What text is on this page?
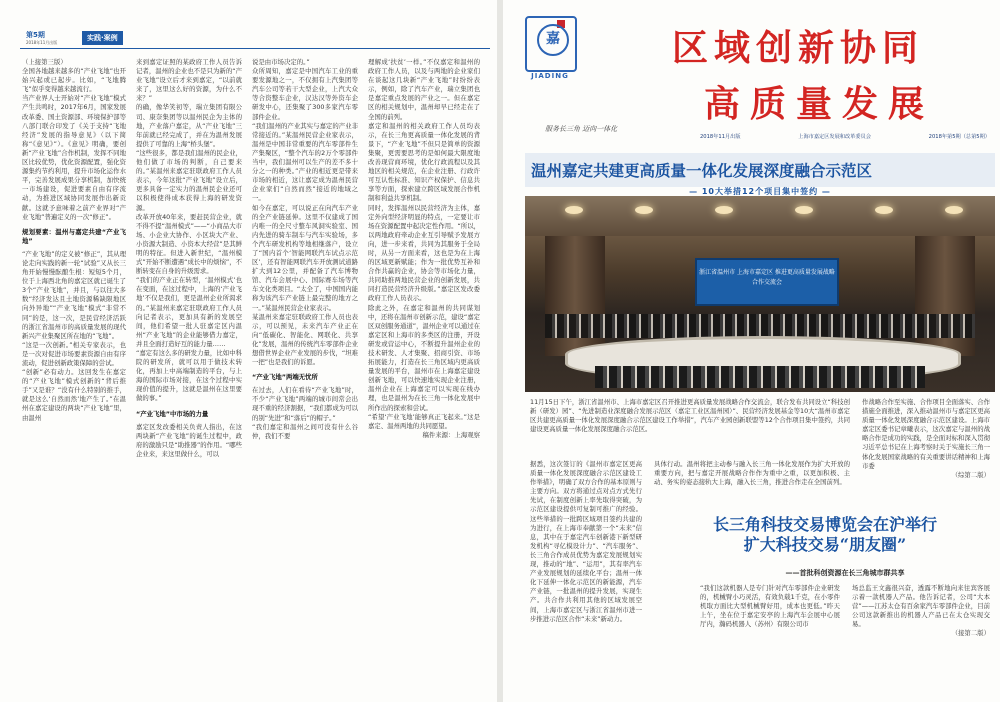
第5期
2018年11月出版
实践·案例

（上接第三版）

全国各地越来越多的“产业飞地”也开始兴起或已起步。比如，“飞地腾飞”似乎变得越来越流行。

当产业界人士开始对“产业飞地”模式产生共鸣时，2017年6月，国家发展改革委、国土资源部、环境保护部等八部门联合印发了《关于支持“飞地经济”发展的指导意见》（以下简称“《意见》”）。《意见》明确，要创新“产业飞地”合作机制，发挥不同地区比较优势，优化资源配置，强化资源集约节约利用，提升市场化运作水平，完善发展成果分享机制，加快统一市场建设，促进要素自由有序流动，为推进区域协同发展作出新贡献。这就予意味着之前产业界对“产业飞地”普遍定义的一次“修正”。

规划要素：温州与嘉定共建“产业飞地”

“产业飞地”的定义被“修正”，其从理论走向实践的新一轮“试验”又从长三角开始慢慢酝酿生根：短短5个月，位于上海西北角的嘉定区就已诞生了3个“产业飞地”，并且，与以往大多数“经济发达且土地资源稀缺限地区向外异地”“产业飞地”模式“非常不同”的是，这一次，是民营经济活跃的浙江省温州市的高质量发展的现代新兴产业集聚区所在地的“飞地”。

“这是一次创新。”相关专家表示，也是一次对促进市场要素资源自由有序流动，促进创新政策保障的尝试。

“创新”必有动力。这回发生在嘉定的“产业飞地”模式创新的“背后推手”又是谁？“没有什么特别的推手，就是这么‘自然而然’地产生了。”在温州在嘉定建设的两块“产业飞地”里，由温州

来到嘉定证照的某政府工作人员告诉记者，温州的企业也不是只为新的“产业飞地”设立后才来到嘉定，“以前就来了，这里这么好的资源，为什么不来？”

的确，像华笑初等，瑞立集团有限公司、康奈集团等以温州民企为主体的地，产业落户嘉定，从“产业飞地”三年前就已经完成了，并在为温州发展提供了可靠的上海“桥头堡”。

“这些很多，都是我们温州的民企业，他们做了市场的判断，自己要来的。”某温州来嘉定驻联政府工作人员表示，今年这批“产业飞地”设立后，更多具备一定实力的温州民企业还可以积极使得成本获得上海的研发资源。

改革开放40年来，要赶民营企业，就不得不提“温州模式”——“小商品大市场、小企业大协作、小区块大产业、小资源大制造、小资本大经营”是其鲜明的特征。但进入新世纪，“温州模式”开始不断遭遇“成长中的烦恼”，不断转变在自身的升级需求。

“我们的产业正在转型，‘温州模式’也在变面，在这过程中，上海的‘产业飞地’不仅是我们，更是温州企业所渴求的。”某温州来嘉定驻联政府工作人员向记者表示，更加具有新的发展空间，他们希望一批人驻嘉定区内温州“产业飞地”的企业能够借力嘉定，并且全面打造好互的能力量……

“嘉定有这么多的研发力量，比如中科院的研发所，就可以用于做技术转化，再加上中高端制造的平台，与上海的国际市场对接，在这个过程中实现价值的提升，这就是温州在这里要做的事。”

“产业飞地”中市场的力量

嘉定区发改委相关负责人指出，在这两块新“产业飞地”的诞生过程中，政府的激励只是“助推器”的作用。“哪些企业来，来这里做什么，可以

说是由市场决定的。”

众所周知，嘉定是中国汽车工业的重要发源地之一，不仅拥有上汽集团等汽车公司等若干大型企业，上汽大众等合资整车企业，汉达汉等外资车企研发中心，还集聚了300多家汽车零部件企业。

“我们温州的产业其实与嘉定的产业非常接近的。”某温州民营企业家表示，温州是中国非常重要的汽车零部件生产集聚区，“整个汽车的2万个零部件当中，我们温州可以生产的差不多十分之一的种类。”产业的相近更是带来市场的相近，这让嘉定成为温州民营企业家们“自然而然”接近的地域之一。

如今在嘉定，可以说正在向汽车产业的全产业链延伸。这里不仅建成了国内唯一的全尺寸整车风洞实验室、国内先进的骑车制车与汽车实验场，多个汽车研发机构等地相继落户，设立了“国内首个‘智能网联汽车试点示范区’，还有智能网联汽车开放测试道路扩大到12公里，并配备了汽车博物馆、汽车会展中心、国际赛车场等汽车文化类项目。“太全了，中国国内能称为该汽车产业链上最完整的地方之一。”某温州民营企业家表示。

某温州来嘉定驻联政府工作人员也表示，可以预见，未来汽车产业正在向“低碳化、智能化、网联化、共享化”发展，温州的传统汽车零部件企业想借世界企业产业发展的步伐，“坦难一把”也是我们的诉愿。

“产业飞地”两端无忧所

在过去，人们在看待“产业飞地”时，不少“产业飞地”两端的城市间常会出现不重的经济割据，“我们都成为可以的别“先进”和“落后”的帽子。”

“我们嘉定和温州之间可没有什么谷仲，我们不要

理解成‘扶贫’一样。”不仅嘉定和温州的政府工作人员，以及与两地的企业家们在谈起这几块新“产业飞地”时纷纷表示，例如，除了汽车产业，瑞立集团也是嘉定重点发展的产业之一。但在嘉定区的相关规划中，温州却早已经走在了全国的前列。

嘉定和温州的相关政府工作人员均表示，在长三角更高质量一体化发展的背景下，“产业飞地”不但只是简单的资源集聚，更需要思考的是如何最大限度地改善现营商环境，优化行政流程以及其地区的相关规范，在企业注册、行政许可互认性标准、知识产权保护、信息共享等方面，探索建立跨区域发展合作机制和利益共享机制。

同时，发挥温州以民营经济为主体，嘉定外向型经济明显的特点，一定要让市场在资源配置中起决定性作用。“所以，以两地政府牵动企业互引导赋予发展方向，进一步来看，共同为其服务于全局时，从另一方面来看，这也是为在上海的区域更新赋能；作为一批优势互补和合作共赢的企业，协会等市场化力量，共同助推两地民营企业的创新发展，共同打造民营经济升级版。”嘉定区发改委政府工作人员表示。

除此之外，在嘉定和温州的共同谋划中，还将在温州市创新示范，建设“嘉定区双创服务通道”，温州企业可以通过在嘉定区和上海市的多类区的注册，开设研发或营运中心，不断提升温州企业的技术研发、人才集聚、招商引资、市场拓展能力，打造在长三角区域内更高质量发展的平台，温州市在上海嘉定建设创新飞地，可以快速地实现企业注册，温州企业在上海嘉定可以实现在线办理，也是温州为在长三角一体化发展中所作出的探索和尝试。

“希望‘产业飞地’能够真正飞起来。”这是嘉定、温州两地的共同愿望。

稿件来源：上海观察

嘉
JIADING
服务长三角 迈向一体化
区域创新协同
高质量发展
2018年11月出版	上海市嘉定区发展和改革委员会	2018年第5期（总第5期）
温州嘉定共建更高质量一体化发展深度融合示范区
— 10大举措12个项目集中签约 —
浙江省温州市 上海市嘉定区 推进更高质量发展战略合作交流会

11月15日下午，浙江省温州市、上海市嘉定区召开推进更高质量发展战略合作交流会，联合发布共同设立“科技创新（研发）园”、“先进制造业深度融合发展示范区（嘉定工业区温州园）”、民营经济发展基金等10大“温州市嘉定区共建更高质量一体化发展深度融合示范区建设工作举措”，汽车产业园创新联盟等12个合作项目集中签约，共同建设更高质量一体化发展深度融合示范区。

据悉，这次签订的《温州市嘉定区更高质量一体化发展深度融合示范区建设工作举措》，明确了双方合作的基本原则与主要方向。双方将通过点对点方式先行先试，在制度创新上率先取得突破，为示范区建设提供可复制可推广的经验。这些举措的一批跨区域项目签约共建的为进行，在上海市奉献第一个“未来”信息，其中在于嘉定汽车创新港下新型研发机构“寻亿模设计力”、“汽车服务”、长三角合作成员优势为嘉定发展规划实现，推动的“地”、“运用”，其有率汽车产业发展规划的延续化平台；温州一体化下延伸一体化示范区的新能源，汽车产业链，一批温州的提升发展，实现生产。共合作共利用其他的区域发展空间，上海市嘉定区与浙江省温州市进一步推进示范区合作“未来”新动力。

具体行动。温州将把主动参与融入长三角一体化发展作为扩大开放的重要方向，把与嘉定开展战略合作作为重中之重，以更加积极、主动、务实的姿态接轨大上海，融入长三角，推进合作走在全国前列。

作战略合作至实施、合作项目全面落实、合作措施全面推进，深入推动温州市与嘉定区更高质量一体化发展深度融合示范区建设。上海市嘉定区委书记章曦表示，这次嘉定与温州的战略合作是成功的实践，是全面对标和深入贯彻习近平总书记在上海考察时关于实施长三角一体化发展国家战略的有关重要讲话精神和上海市委

（综第二版）

长三角科技交易博览会在沪举行
扩大科技交易“朋友圈”
——首批科创资源在长三角城市群共享

“我们这款机器人是专门针对汽车零部件企业研发的，机械臂小巧灵活，有效负载1千克，在小零件机取方面比大型机械臂好用，成本也更低。”昨天上午，坐在位于嘉定安亭的上海汽车会展中心展厅内，瀚码机器人（苏州）有限公司市

场总监王文鑫很兴奋，透露不断地向来往宾客展示着一款机器人产品。他告诉记者，公司“大本营”——江苏太仓有百余家汽车零部件企业，目前公司这款新推出的机器人产品已在太仓实现交易。

（接第二版）
